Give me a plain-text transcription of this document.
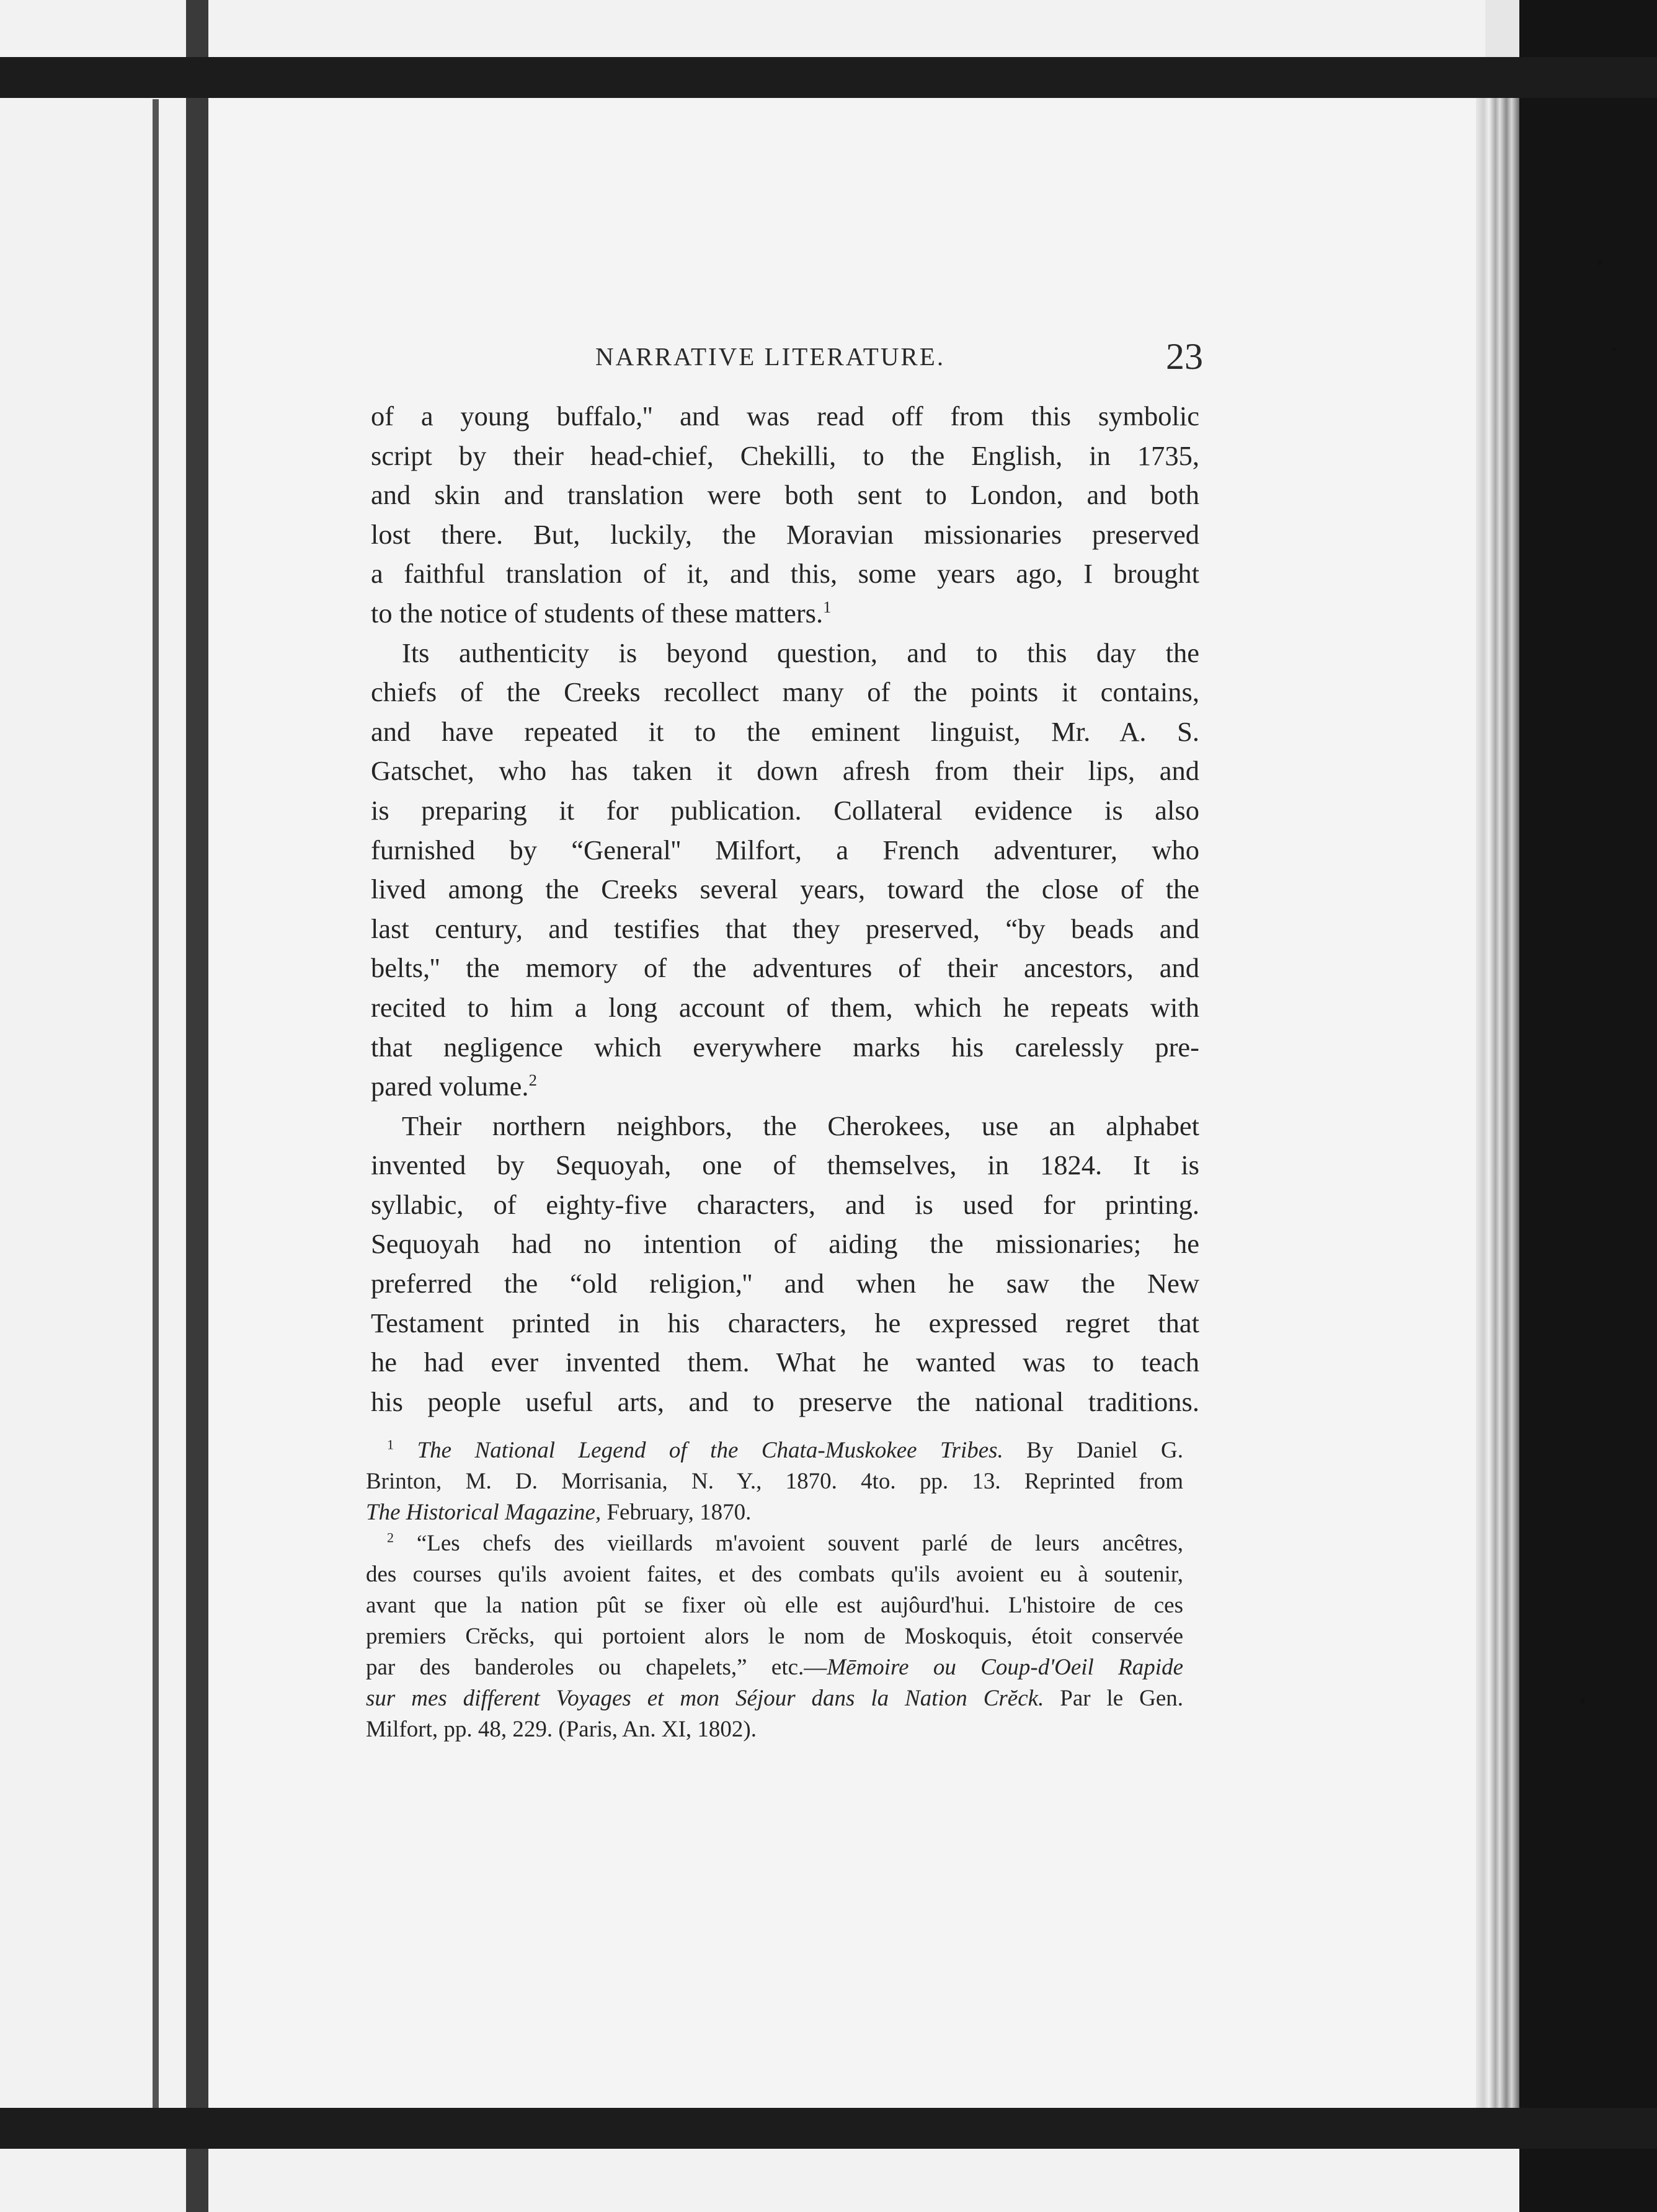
NARRATIVE LITERATURE.	23
of a young buffalo,'' and was read off from this symbolic
script by their head-chief, Chekilli, to the English, in 1735,
and skin and translation were both sent to London, and both
lost there. But, luckily, the Moravian missionaries preserved
a faithful translation of it, and this, some years ago, I brought
to the notice of students of these matters.$^1$
Its authenticity is beyond question, and to this day the
chiefs of the Creeks recollect many of the points it contains,
and have repeated it to the eminent linguist, Mr. A. S.
Gatschet, who has taken it down afresh from their lips, and
is preparing it for publication. Collateral evidence is also
furnished by “General'' Milfort, a French adventurer, who
lived among the Creeks several years, toward the close of the
last century, and testifies that they preserved, “by beads and
belts,'' the memory of the adventures of their ancestors, and
recited to him a long account of them, which he repeats with
that negligence which everywhere marks his carelessly pre-
pared volume.$^2$
Their northern neighbors, the Cherokees, use an alphabet
invented by Sequoyah, one of themselves, in 1824. It is
syllabic, of eighty-five characters, and is used for printing.
Sequoyah had no intention of aiding the missionaries; he
preferred the “old religion,'' and when he saw the New
Testament printed in his characters, he expressed regret that
he had ever invented them. What he wanted was to teach
his people useful arts, and to preserve the national traditions.
$^1$ The National Legend of the Chata-Muskokee Tribes. By Daniel G.
Brinton, M. D. Morrisania, N. Y., 1870. 4to. pp. 13. Reprinted from
The Historical Magazine, February, 1870.
$^2$ “Les chefs des vieillards m'avoient souvent parlé de leurs ancêtres,
des courses qu'ils avoient faites, et des combats qu'ils avoient eu à soutenir,
avant que la nation pût se fixer où elle est aujôurd'hui. L'histoire de ces
premiers Crĕcks, qui portoient alors le nom de Moskoquis, étoit conservée
par des banderoles ou chapelets,” etc.—Mēmoire ou Coup-d'Oeil Rapide
sur mes different Voyages et mon Séjour dans la Nation Crĕck. Par le Gen.
Milfort, pp. 48, 229. (Paris, An. XI, 1802).
